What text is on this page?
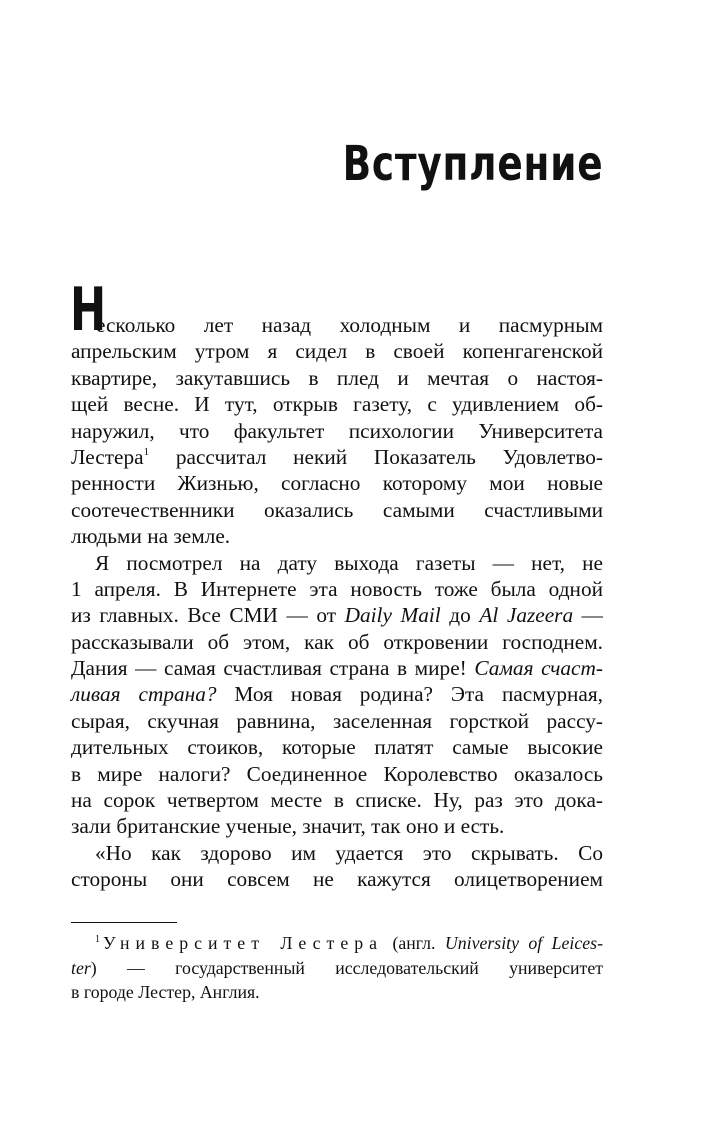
Вступление
Н
есколько лет назад холодным и пасмурным
апрельским утром я сидел в своей копенгагенской
квартире, закутавшись в плед и мечтая о настоя-
щей весне. И тут, открыв газету, с удивлением об-
наружил, что факультет психологии Университета
Лестера$^1$ рассчитал некий Показатель Удовлетво-
ренности Жизнью, согласно которому мои новые
соотечественники оказались самыми счастливыми
людьми на земле.
Я посмотрел на дату выхода газеты — нет, не
1 апреля. В Интернете эта новость тоже была одной
из главных. Все СМИ — от Daily Mail до Al Jazeera —
рассказывали об этом, как об откровении господнем.
Дания — самая счастливая страна в мире! Самая счаст-
ливая страна? Моя новая родина? Эта пасмурная,
сырая, скучная равнина, заселенная горсткой рассу-
дительных стоиков, которые платят самые высокие
в мире налоги? Соединенное Королевство оказалось
на сорок четвертом месте в списке. Ну, раз это дока-
зали британские ученые, значит, так оно и есть.
«Но как здорово им удается это скрывать. Со
стороны они совсем не кажутся олицетворением
$^1$ Университет Лестера (англ. University of Leices-
ter) — государственный исследовательский университет
в городе Лестер, Англия.
